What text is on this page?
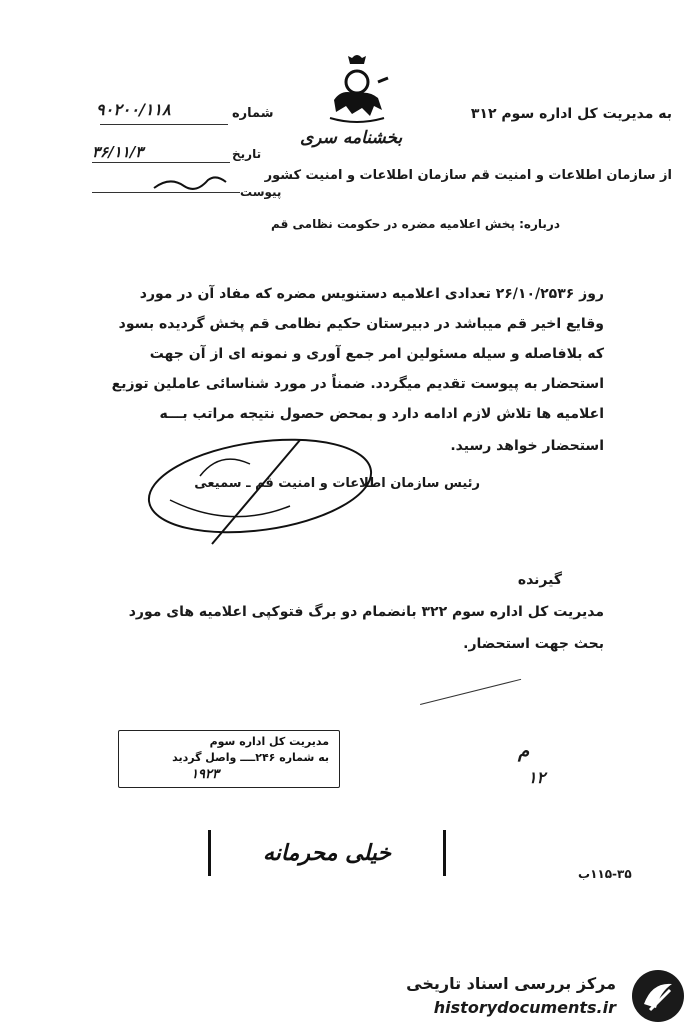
به مدیریت کل اداره سوم ۳۱۲
شماره
۹۰۲۰۰/۱۱۸
بخشنامه سری
تاریخ
۳۶/۱۱/۳
از سازمان اطلاعات و امنیت قم سازمان اطلاعات و امنیت کشور
پیوست
درباره: پخش اعلامیه مضره در حکومت نظامی قم
روز ۲۶/۱۰/۲۵۳۶ تعدادی اعلامیه دستنویس مضره که مفاد آن در مورد
وقایع اخیر قم میباشد در دبیرستان حکیم نظامی قم پخش گردیده بسود
که بلافاصله و سیله مسئولین امر جمع آوری و نمونه ای از آن جهت
استحضار به پیوست تقدیم میگردد. ضمناً در مورد شناسائی عاملین توزیع
اعلامیه ها تلاش لازم ادامه دارد و بمحض حصول نتیجه مراتب بـــه
استحضار خواهد رسید.
رئیس سازمان اطلاعات و امنیت قم ـ سمیعی
گیرنده
مدیریت کل اداره سوم ۳۲۲ بانضمام دو برگ فتوکپی اعلامیه های مورد
بحث جهت استحضار.
م
۱۲
مدیریت کل اداره سوم
به شماره ۲۴۶ــــ واصل گردید
۱۹۲۳
خیلی محرمانه
۱۱۵-۳۵ب
مرکز بررسی اسناد تاریخی
historydocuments.ir
